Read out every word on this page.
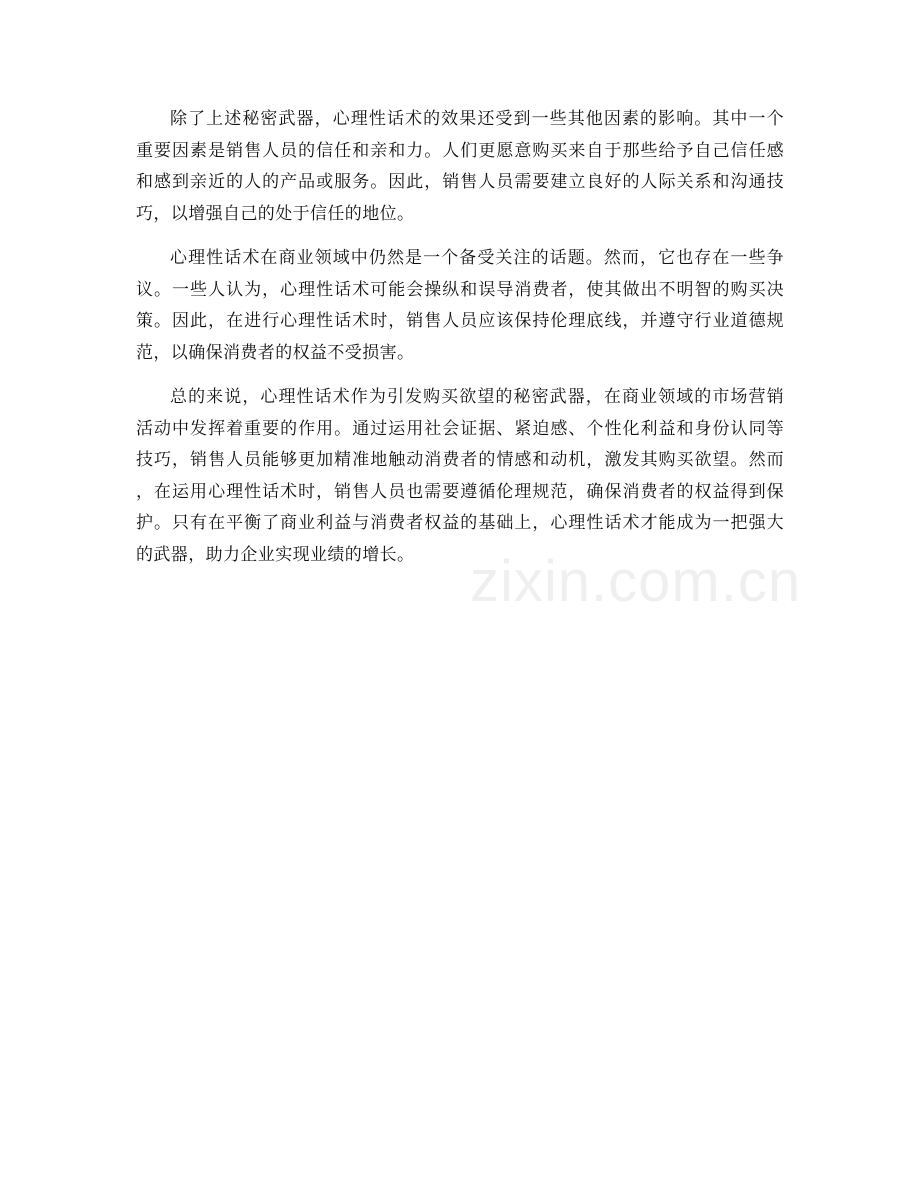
除了上述秘密武器，心理性话术的效果还受到一些其他因素的影响。其中一个
重要因素是销售人员的信任和亲和力。人们更愿意购买来自于那些给予自己信任感
和感到亲近的人的产品或服务。因此，销售人员需要建立良好的人际关系和沟通技
巧，以增强自己的处于信任的地位。
心理性话术在商业领域中仍然是一个备受关注的话题。然而，它也存在一些争
议。一些人认为，心理性话术可能会操纵和误导消费者，使其做出不明智的购买决
策。因此，在进行心理性话术时，销售人员应该保持伦理底线，并遵守行业道德规
范，以确保消费者的权益不受损害。
总的来说，心理性话术作为引发购买欲望的秘密武器，在商业领域的市场营销
活动中发挥着重要的作用。通过运用社会证据、紧迫感、个性化利益和身份认同等
技巧，销售人员能够更加精准地触动消费者的情感和动机，激发其购买欲望。然而
，在运用心理性话术时，销售人员也需要遵循伦理规范，确保消费者的权益得到保
护。只有在平衡了商业利益与消费者权益的基础上，心理性话术才能成为一把强大
的武器，助力企业实现业绩的增长。 zixin.com.cn
